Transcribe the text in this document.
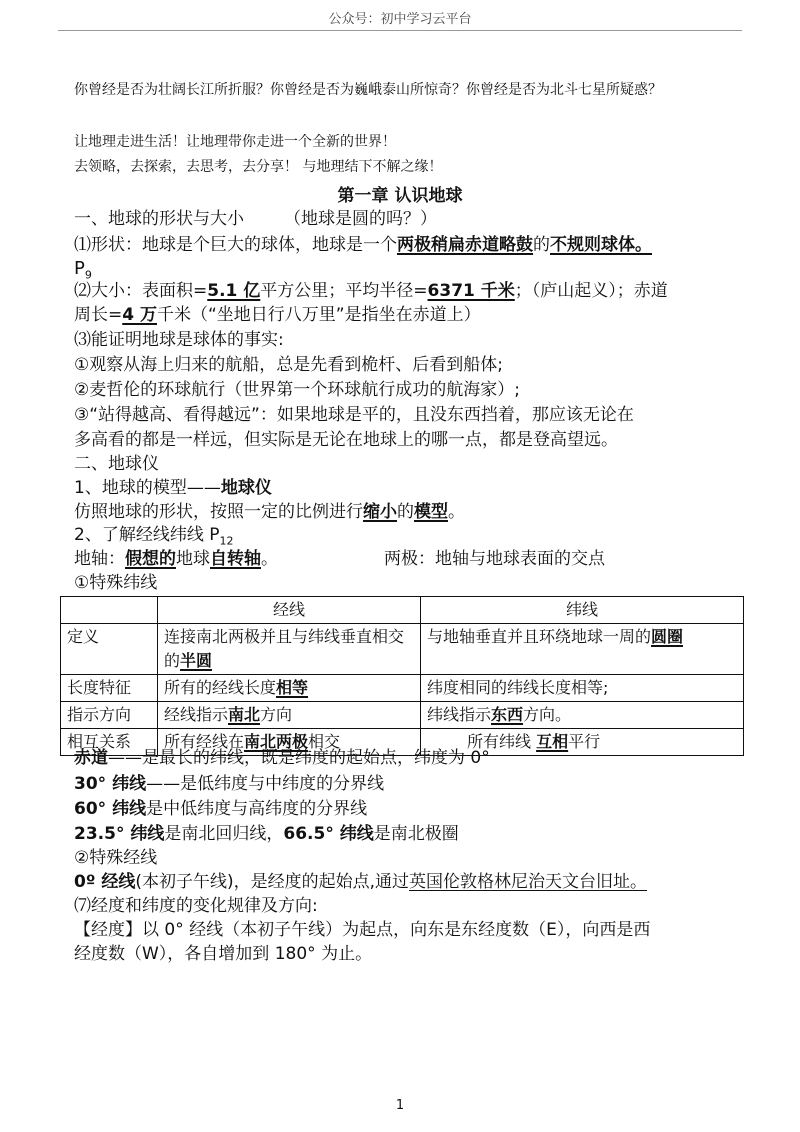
公众号：初中学习云平台
你曾经是否为壮阔长江所折服？你曾经是否为巍峨泰山所惊奇？你曾经是否为北斗七星所疑惑？
让地理走进生活！让地理带你走进一个全新的世界！
去领略，去探索，去思考，去分享！ 与地理结下不解之缘！
第一章 认识地球
一、地球的形状与大小 （地球是圆的吗？）
⑴形状：地球是个巨大的球体，地球是一个两极稍扁赤道略鼓的不规则球体。
$P_9$
⑵大小：表面积=5.1 亿平方公里；平均半径=6371 千米；（庐山起义）；赤道
周长=4 万千米（“坐地日行八万里”是指坐在赤道上）
⑶能证明地球是球体的事实:
①观察从海上归来的航船，总是先看到桅杆、后看到船体;
②麦哲伦的环球航行（世界第一个环球航行成功的航海家）;
③“站得越高、看得越远”：如果地球是平的，且没东西挡着，那应该无论在
多高看的都是一样远，但实际是无论在地球上的哪一点，都是登高望远。
二、地球仪
1、地球的模型——地球仪
仿照地球的形状，按照一定的比例进行缩小的模型。
2、了解经线纬线 $P_{12}$
地轴：假想的地球自转轴。	两极：地轴与地球表面的交点
①特殊纬线
	经线	纬线
定义	连接南北两极并且与纬线垂直相交的半圆	与地轴垂直并且环绕地球一周的圆圈
长度特征	所有的经线长度相等	纬度相同的纬线长度相等;
指示方向	经线指示南北方向	纬线指示东西方向。
相互关系	所有经线在南北两极相交	所有纬线 互相平行
赤道——是最长的纬线，既是纬度的起始点，纬度为 0°
30° 纬线——是低纬度与中纬度的分界线
60° 纬线是中低纬度与高纬度的分界线
23.5° 纬线是南北回归线，66.5° 纬线是南北极圈
②特殊经线
0º 经线(本初子午线)，是经度的起始点,通过英国伦敦格林尼治天文台旧址。
⑺经度和纬度的变化规律及方向:
【经度】以 0° 经线（本初子午线）为起点，向东是东经度数（E），向西是西
经度数（W），各自增加到 180° 为止。
1
